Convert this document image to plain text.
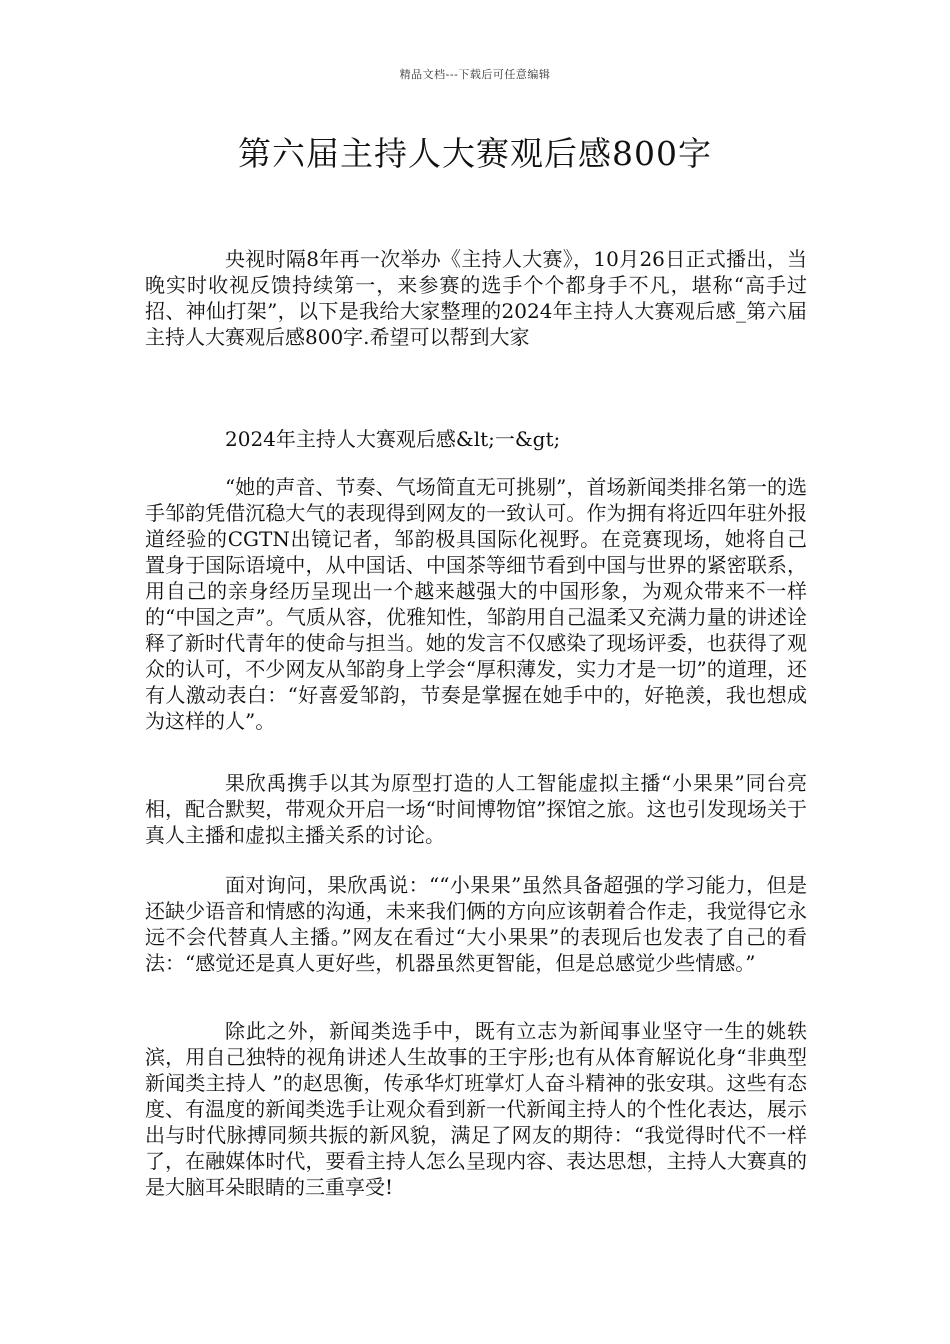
精品文档---下载后可任意编辑
第六届主持人大赛观后感800字

央视时隔8年再一次举办《主持人大赛》，10月26日正式播出，当晚实时收视反馈持续第一，来参赛的选手个个都身手不凡，堪称“高手过招、神仙打架”，以下是我给大家整理的2024年主持人大赛观后感_第六届主持人大赛观后感800字.希望可以帮到大家

2024年主持人大赛观后感&lt;一&gt;

“她的声音、节奏、气场简直无可挑剔”，首场新闻类排名第一的选手邹韵凭借沉稳大气的表现得到网友的一致认可。作为拥有将近四年驻外报道经验的CGTN出镜记者，邹韵极具国际化视野。在竞赛现场，她将自己置身于国际语境中，从中国话、中国茶等细节看到中国与世界的紧密联系，用自己的亲身经历呈现出一个越来越强大的中国形象，为观众带来不一样的“中国之声”。气质从容，优雅知性，邹韵用自己温柔又充满力量的讲述诠释了新时代青年的使命与担当。她的发言不仅感染了现场评委，也获得了观众的认可，不少网友从邹韵身上学会“厚积薄发，实力才是一切”的道理，还有人激动表白：“好喜爱邹韵，节奏是掌握在她手中的，好艳羡，我也想成为这样的人”。

果欣禹携手以其为原型打造的人工智能虚拟主播“小果果”同台亮相，配合默契，带观众开启一场“时间博物馆”探馆之旅。这也引发现场关于真人主播和虚拟主播关系的讨论。

面对询问，果欣禹说：““小果果”虽然具备超强的学习能力，但是还缺少语音和情感的沟通，未来我们俩的方向应该朝着合作走，我觉得它永远不会代替真人主播。”网友在看过“大小果果”的表现后也发表了自己的看法：“感觉还是真人更好些，机器虽然更智能，但是总感觉少些情感。”

除此之外，新闻类选手中，既有立志为新闻事业坚守一生的姚轶滨，用自己独特的视角讲述人生故事的王宇彤;也有从体育解说化身“非典型新闻类主持人 ”的赵思衡，传承华灯班掌灯人奋斗精神的张安琪。这些有态度、有温度的新闻类选手让观众看到新一代新闻主持人的个性化表达，展示出与时代脉搏同频共振的新风貌，满足了网友的期待：“我觉得时代不一样了，在融媒体时代，要看主持人怎么呈现内容、表达思想，主持人大赛真的是大脑耳朵眼睛的三重享受!
